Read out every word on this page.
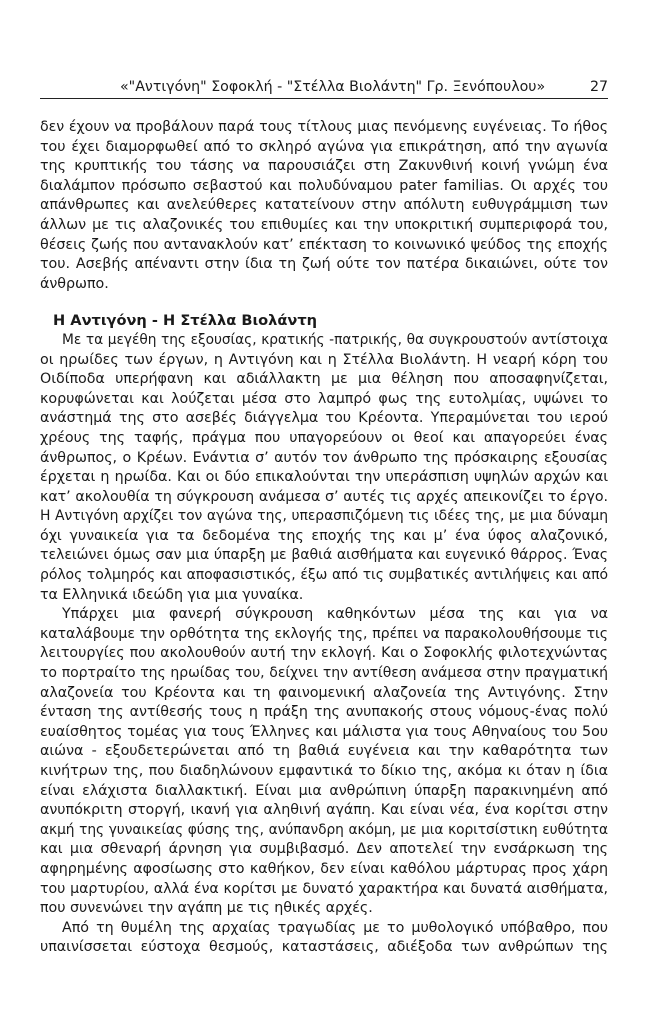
«"Αντιγόνη" Σοφοκλή - "Στέλλα Βιολάντη" Γρ. Ξενόπουλου»	27

δεν έχουν να προβάλουν παρά τους τίτλους μιας πενόμενης ευγένειας. Το ήθος
του έχει διαμορφωθεί από το σκληρό αγώνα για επικράτηση, από την αγωνία
της κρυπτικής του τάσης να παρουσιάζει στη Ζακυνθινή κοινή γνώμη ένα
διαλάμπον πρόσωπο σεβαστού και πολυδύναμου pater familias. Οι αρχές του
απάνθρωπες και ανελεύθερες κατατείνουν στην απόλυτη ευθυγράμμιση των
άλλων με τις αλαζονικές του επιθυμίες και την υποκριτική συμπεριφορά του,
θέσεις ζωής που αντανακλούν κατ’ επέκταση το κοινωνικό ψεύδος της εποχής
του. Ασεβής απέναντι στην ίδια τη ζωή ούτε τον πατέρα δικαιώνει, ούτε τον
άνθρωπο.

Η Αντιγόνη - Η Στέλλα Βιολάντη

Με τα μεγέθη της εξουσίας, κρατικής -πατρικής, θα συγκρουστούν αντίστοιχα
οι ηρωίδες των έργων, η Αντιγόνη και η Στέλλα Βιολάντη. Η νεαρή κόρη του
Οιδίποδα υπερήφανη και αδιάλλακτη με μια θέληση που αποσαφηνίζεται,
κορυφώνεται και λούζεται μέσα στο λαμπρό φως της ευτολμίας, υψώνει το
ανάστημά της στο ασεβές διάγγελμα του Κρέοντα. Υπεραμύνεται του ιερού
χρέους της ταφής, πράγμα που υπαγορεύουν οι θεοί και απαγορεύει ένας
άνθρωπος, ο Κρέων. Ενάντια σ’ αυτόν τον άνθρωπο της πρόσκαιρης εξουσίας
έρχεται η ηρωίδα. Και οι δύο επικαλούνται την υπεράσπιση υψηλών αρχών και
κατ’ ακολουθία τη σύγκρουση ανάμεσα σ’ αυτές τις αρχές απεικονίζει το έργο.
Η Αντιγόνη αρχίζει τον αγώνα της, υπερασπιζόμενη τις ιδέες της, με μια δύναμη
όχι γυναικεία για τα δεδομένα της εποχής της και μ’ ένα ύφος αλαζονικό,
τελειώνει όμως σαν μια ύπαρξη με βαθιά αισθήματα και ευγενικό θάρρος. Ένας
ρόλος τολμηρός και αποφασιστικός, έξω από τις συμβατικές αντιλήψεις και από
τα Ελληνικά ιδεώδη για μια γυναίκα.

Υπάρχει μια φανερή σύγκρουση καθηκόντων μέσα της και για να
καταλάβουμε την ορθότητα της εκλογής της, πρέπει να παρακολουθήσουμε τις
λειτουργίες που ακολουθούν αυτή την εκλογή. Και ο Σοφοκλής φιλοτεχνώντας
το πορτραίτο της ηρωίδας του, δείχνει την αντίθεση ανάμεσα στην πραγματική
αλαζονεία του Κρέοντα και τη φαινομενική αλαζονεία της Αντιγόνης. Στην
ένταση της αντίθεσής τους η πράξη της ανυπακοής στους νόμους-ένας πολύ
ευαίσθητος τομέας για τους Έλληνες και μάλιστα για τους Αθηναίους του 5ου
αιώνα - εξουδετερώνεται από τη βαθιά ευγένεια και την καθαρότητα των
κινήτρων της, που διαδηλώνουν εμφαντικά το δίκιο της, ακόμα κι όταν η ίδια
είναι ελάχιστα διαλλακτική. Είναι μια ανθρώπινη ύπαρξη παρακινημένη από
ανυπόκριτη στοργή, ικανή για αληθινή αγάπη. Και είναι νέα, ένα κορίτσι στην
ακμή της γυναικείας φύσης της, ανύπανδρη ακόμη, με μια κοριτσίστικη ευθύτητα
και μια σθεναρή άρνηση για συμβιβασμό. Δεν αποτελεί την ενσάρκωση της
αφηρημένης αφοσίωσης στο καθήκον, δεν είναι καθόλου μάρτυρας προς χάρη
του μαρτυρίου, αλλά ένα κορίτσι με δυνατό χαρακτήρα και δυνατά αισθήματα,
που συνενώνει την αγάπη με τις ηθικές αρχές.

Από τη θυμέλη της αρχαίας τραγωδίας με το μυθολογικό υπόβαθρο, που
υπαινίσσεται εύστοχα θεσμούς, καταστάσεις, αδιέξοδα των ανθρώπων της
